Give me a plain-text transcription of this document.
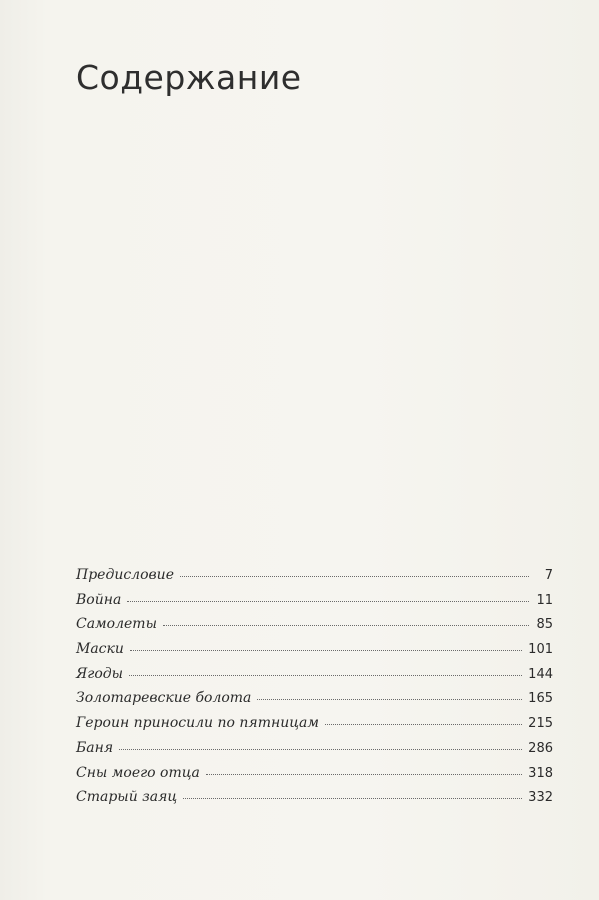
Содержание
Предисловие	7
Война	11
Самолеты	85
Маски	101
Ягоды	144
Золотаревские болота	165
Героин приносили по пятницам	215
Баня	286
Сны моего отца	318
Старый заяц	332
